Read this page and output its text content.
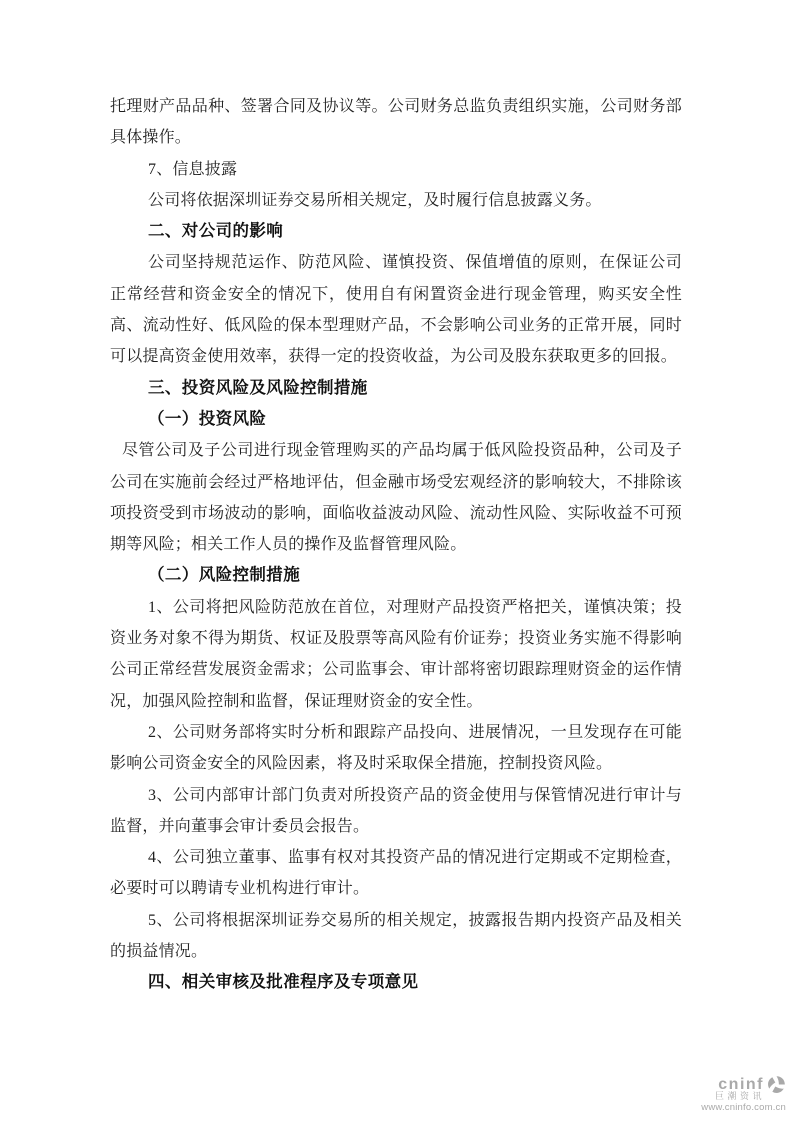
托理财产品品种、签署合同及协议等。公司财务总监负责组织实施，公司财务部具体操作。

7、信息披露

公司将依据深圳证券交易所相关规定，及时履行信息披露义务。

二、对公司的影响

公司坚持规范运作、防范风险、谨慎投资、保值增值的原则，在保证公司正常经营和资金安全的情况下，使用自有闲置资金进行现金管理，购买安全性高、流动性好、低风险的保本型理财产品，不会影响公司业务的正常开展，同时可以提高资金使用效率，获得一定的投资收益，为公司及股东获取更多的回报。

三、投资风险及风险控制措施

（一）投资风险

尽管公司及子公司进行现金管理购买的产品均属于低风险投资品种，公司及子公司在实施前会经过严格地评估，但金融市场受宏观经济的影响较大，不排除该项投资受到市场波动的影响，面临收益波动风险、流动性风险、实际收益不可预期等风险；相关工作人员的操作及监督管理风险。

（二）风险控制措施

1、公司将把风险防范放在首位，对理财产品投资严格把关，谨慎决策；投资业务对象不得为期货、权证及股票等高风险有价证券；投资业务实施不得影响公司正常经营发展资金需求；公司监事会、审计部将密切跟踪理财资金的运作情况，加强风险控制和监督，保证理财资金的安全性。

2、公司财务部将实时分析和跟踪产品投向、进展情况，一旦发现存在可能影响公司资金安全的风险因素，将及时采取保全措施，控制投资风险。

3、公司内部审计部门负责对所投资产品的资金使用与保管情况进行审计与监督，并向董事会审计委员会报告。

4、公司独立董事、监事有权对其投资产品的情况进行定期或不定期检查，必要时可以聘请专业机构进行审计。

5、公司将根据深圳证券交易所的相关规定，披露报告期内投资产品及相关的损益情况。

四、相关审核及批准程序及专项意见

cninf
巨潮资讯
www.cninfo.com.cn
